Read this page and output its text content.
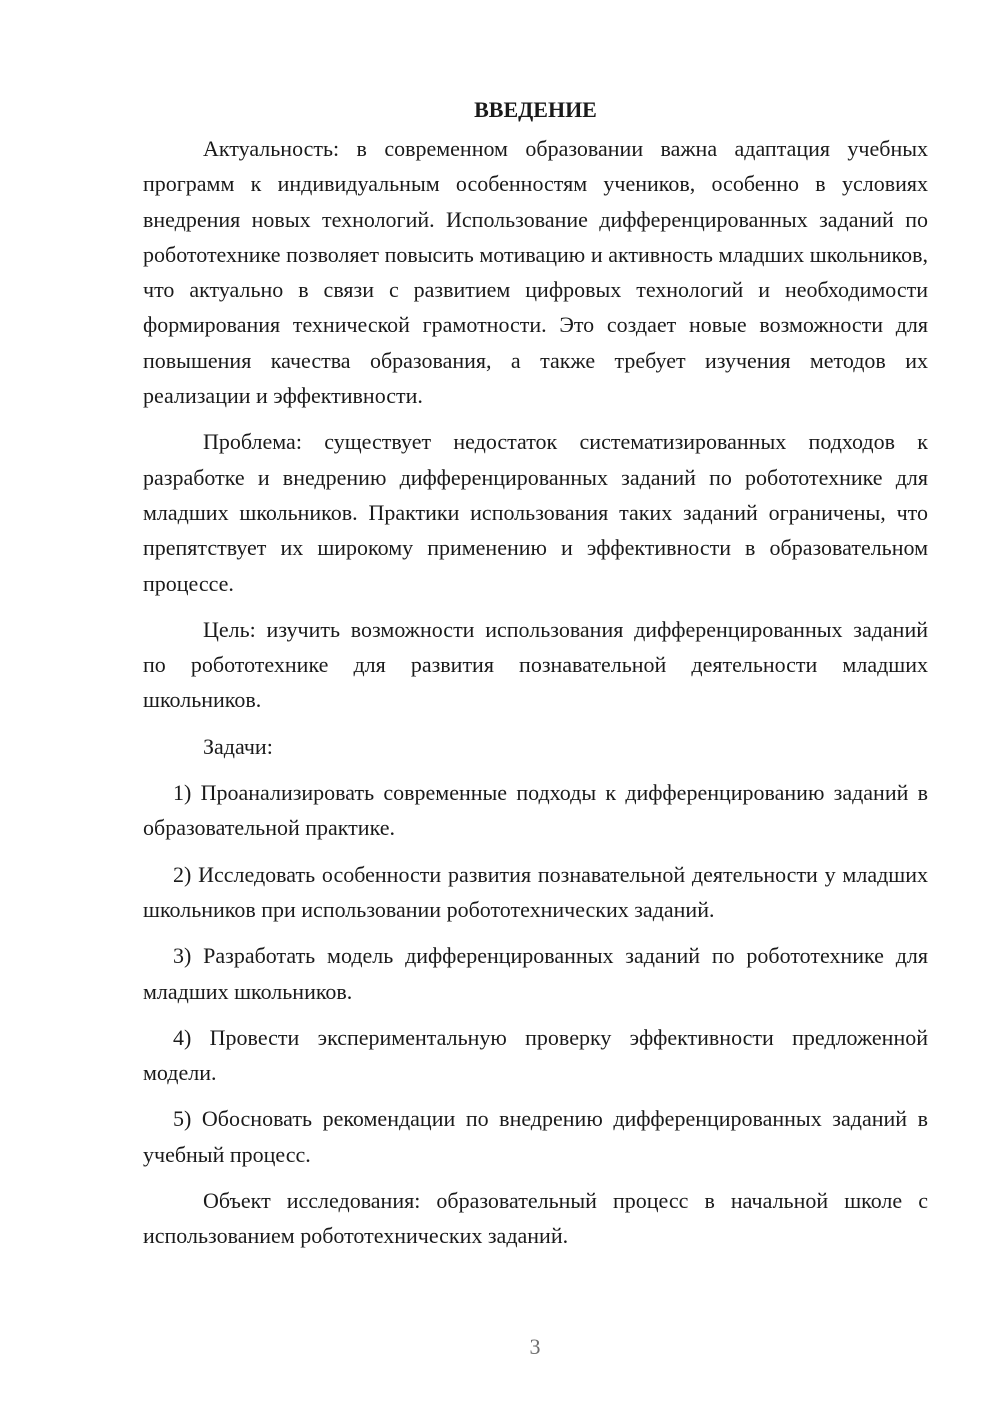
ВВЕДЕНИЕ

Актуальность: в современном образовании важна адаптация учебных программ к индивидуальным особенностям учеников, особенно в условиях внедрения новых технологий. Использование дифференцированных заданий по робототехнике позволяет повысить мотивацию и активность младших школьников, что актуально в связи с развитием цифровых технологий и необходимости формирования технической грамотности. Это создает новые возможности для повышения качества образования, а также требует изучения методов их реализации и эффективности.

Проблема: существует недостаток систематизированных подходов к разработке и внедрению дифференцированных заданий по робототехнике для младших школьников. Практики использования таких заданий ограничены, что препятствует их широкому применению и эффективности в образовательном процессе.

Цель: изучить возможности использования дифференцированных заданий по робототехнике для развития познавательной деятельности младших школьников.

Задачи:

1) Проанализировать современные подходы к дифференцированию заданий в образовательной практике.

2) Исследовать особенности развития познавательной деятельности у младших школьников при использовании робототехнических заданий.

3) Разработать модель дифференцированных заданий по робототехнике для младших школьников.

4) Провести экспериментальную проверку эффективности предложенной модели.

5) Обосновать рекомендации по внедрению дифференцированных заданий в учебный процесс.

Объект исследования: образовательный процесс в начальной школе с использованием робототехнических заданий.

3
